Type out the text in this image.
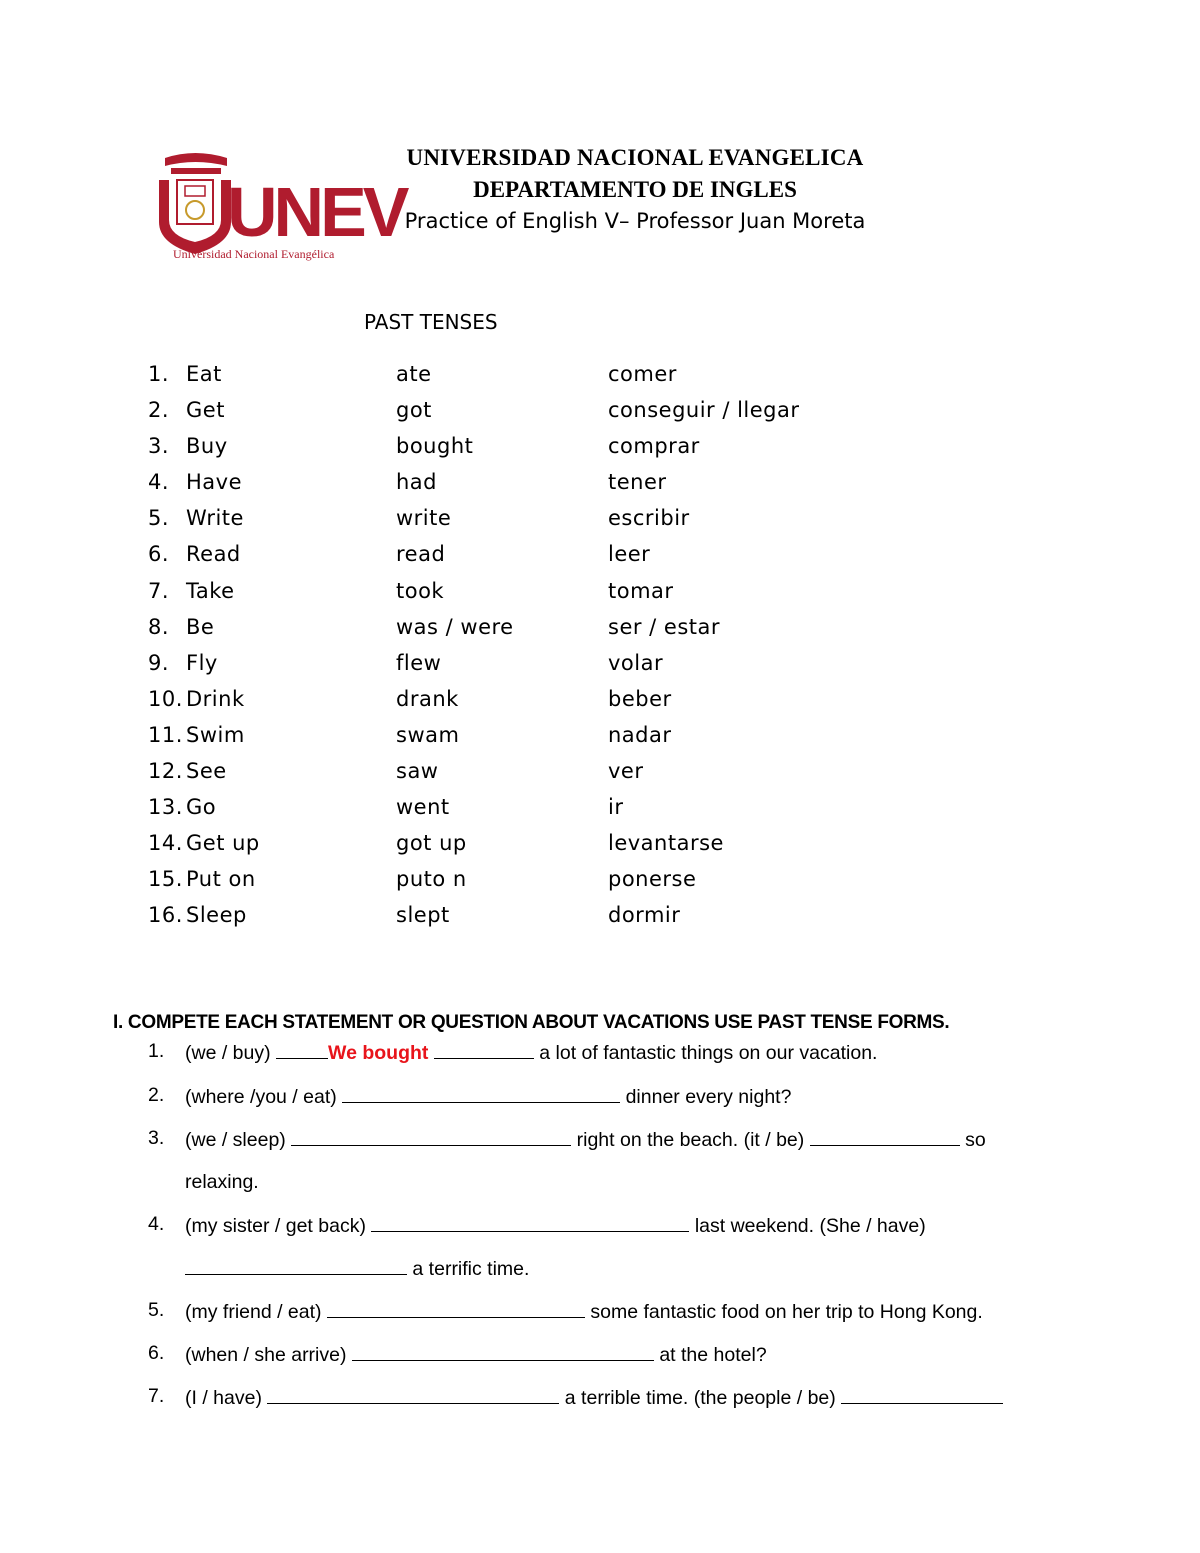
UNEV
Universidad Nacional Evangélica
UNIVERSIDAD NACIONAL EVANGELICA
DEPARTAMENTO DE INGLES
Practice of English V– Professor Juan Moreta
PAST TENSES
1. Eat	ate	comer
2. Get	got	conseguir / llegar
3. Buy	bought	comprar
4. Have	had	tener
5. Write	write	escribir
6. Read	read	leer
7. Take	took	tomar
8. Be	was / were	ser / estar
9. Fly	flew	volar
10. Drink	drank	beber
11. Swim	swam	nadar
12. See	saw	ver
13. Go	went	ir
14. Get up	got up	levantarse
15. Put on	puto n	ponerse
16. Sleep	slept	dormir
I. COMPETE EACH STATEMENT OR QUESTION ABOUT VACATIONS USE PAST TENSE FORMS.
1. (we / buy)	We bought	a lot of fantastic things on our vacation.
2. (where /you / eat)	dinner every night?
3. (we / sleep)	right on the beach. (it / be)	so
relaxing.
4. (my sister / get back)	last weekend. (She / have)
a terrific time.
5. (my friend / eat)	some fantastic food on her trip to Hong Kong.
6. (when / she arrive)	at the hotel?
7. (I / have)	a terrible time. (the people / be)
